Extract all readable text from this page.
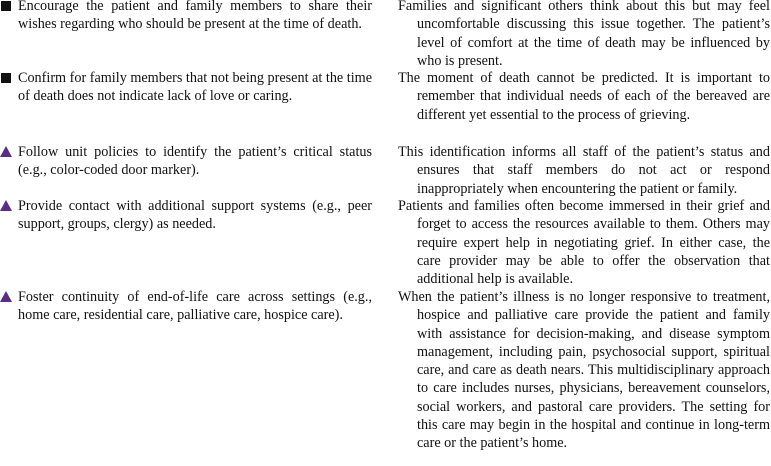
Encourage the patient and family members to share their wishes regarding who should be present at the time of death.

Families and significant others think about this but may feel uncomfortable discussing this issue together. The patient’s level of comfort at the time of death may be influenced by who is present.

Confirm for family members that not being present at the time of death does not indicate lack of love or caring.

The moment of death cannot be predicted. It is important to remember that individual needs of each of the bereaved are different yet essential to the process of grieving.

Follow unit policies to identify the patient’s critical status (e.g., color-coded door marker).

This identification informs all staff of the patient’s status and ensures that staff members do not act or respond inappropriately when encountering the patient or family.

Provide contact with additional support systems (e.g., peer support, groups, clergy) as needed.

Patients and families often become immersed in their grief and forget to access the resources available to them. Others may require expert help in negotiating grief. In either case, the care provider may be able to offer the observation that additional help is available.

Foster continuity of end-of-life care across settings (e.g., home care, residential care, palliative care, hospice care).

When the patient’s illness is no longer responsive to treatment, hospice and palliative care provide the patient and family with assistance for decision-making, and disease symptom management, including pain, psychosocial support, spiritual care, and care as death nears. This multidisciplinary approach to care includes nurses, physicians, bereavement counselors, social workers, and pastoral care providers. The setting for this care may begin in the hospital and continue in long-term care or the patient’s home.
